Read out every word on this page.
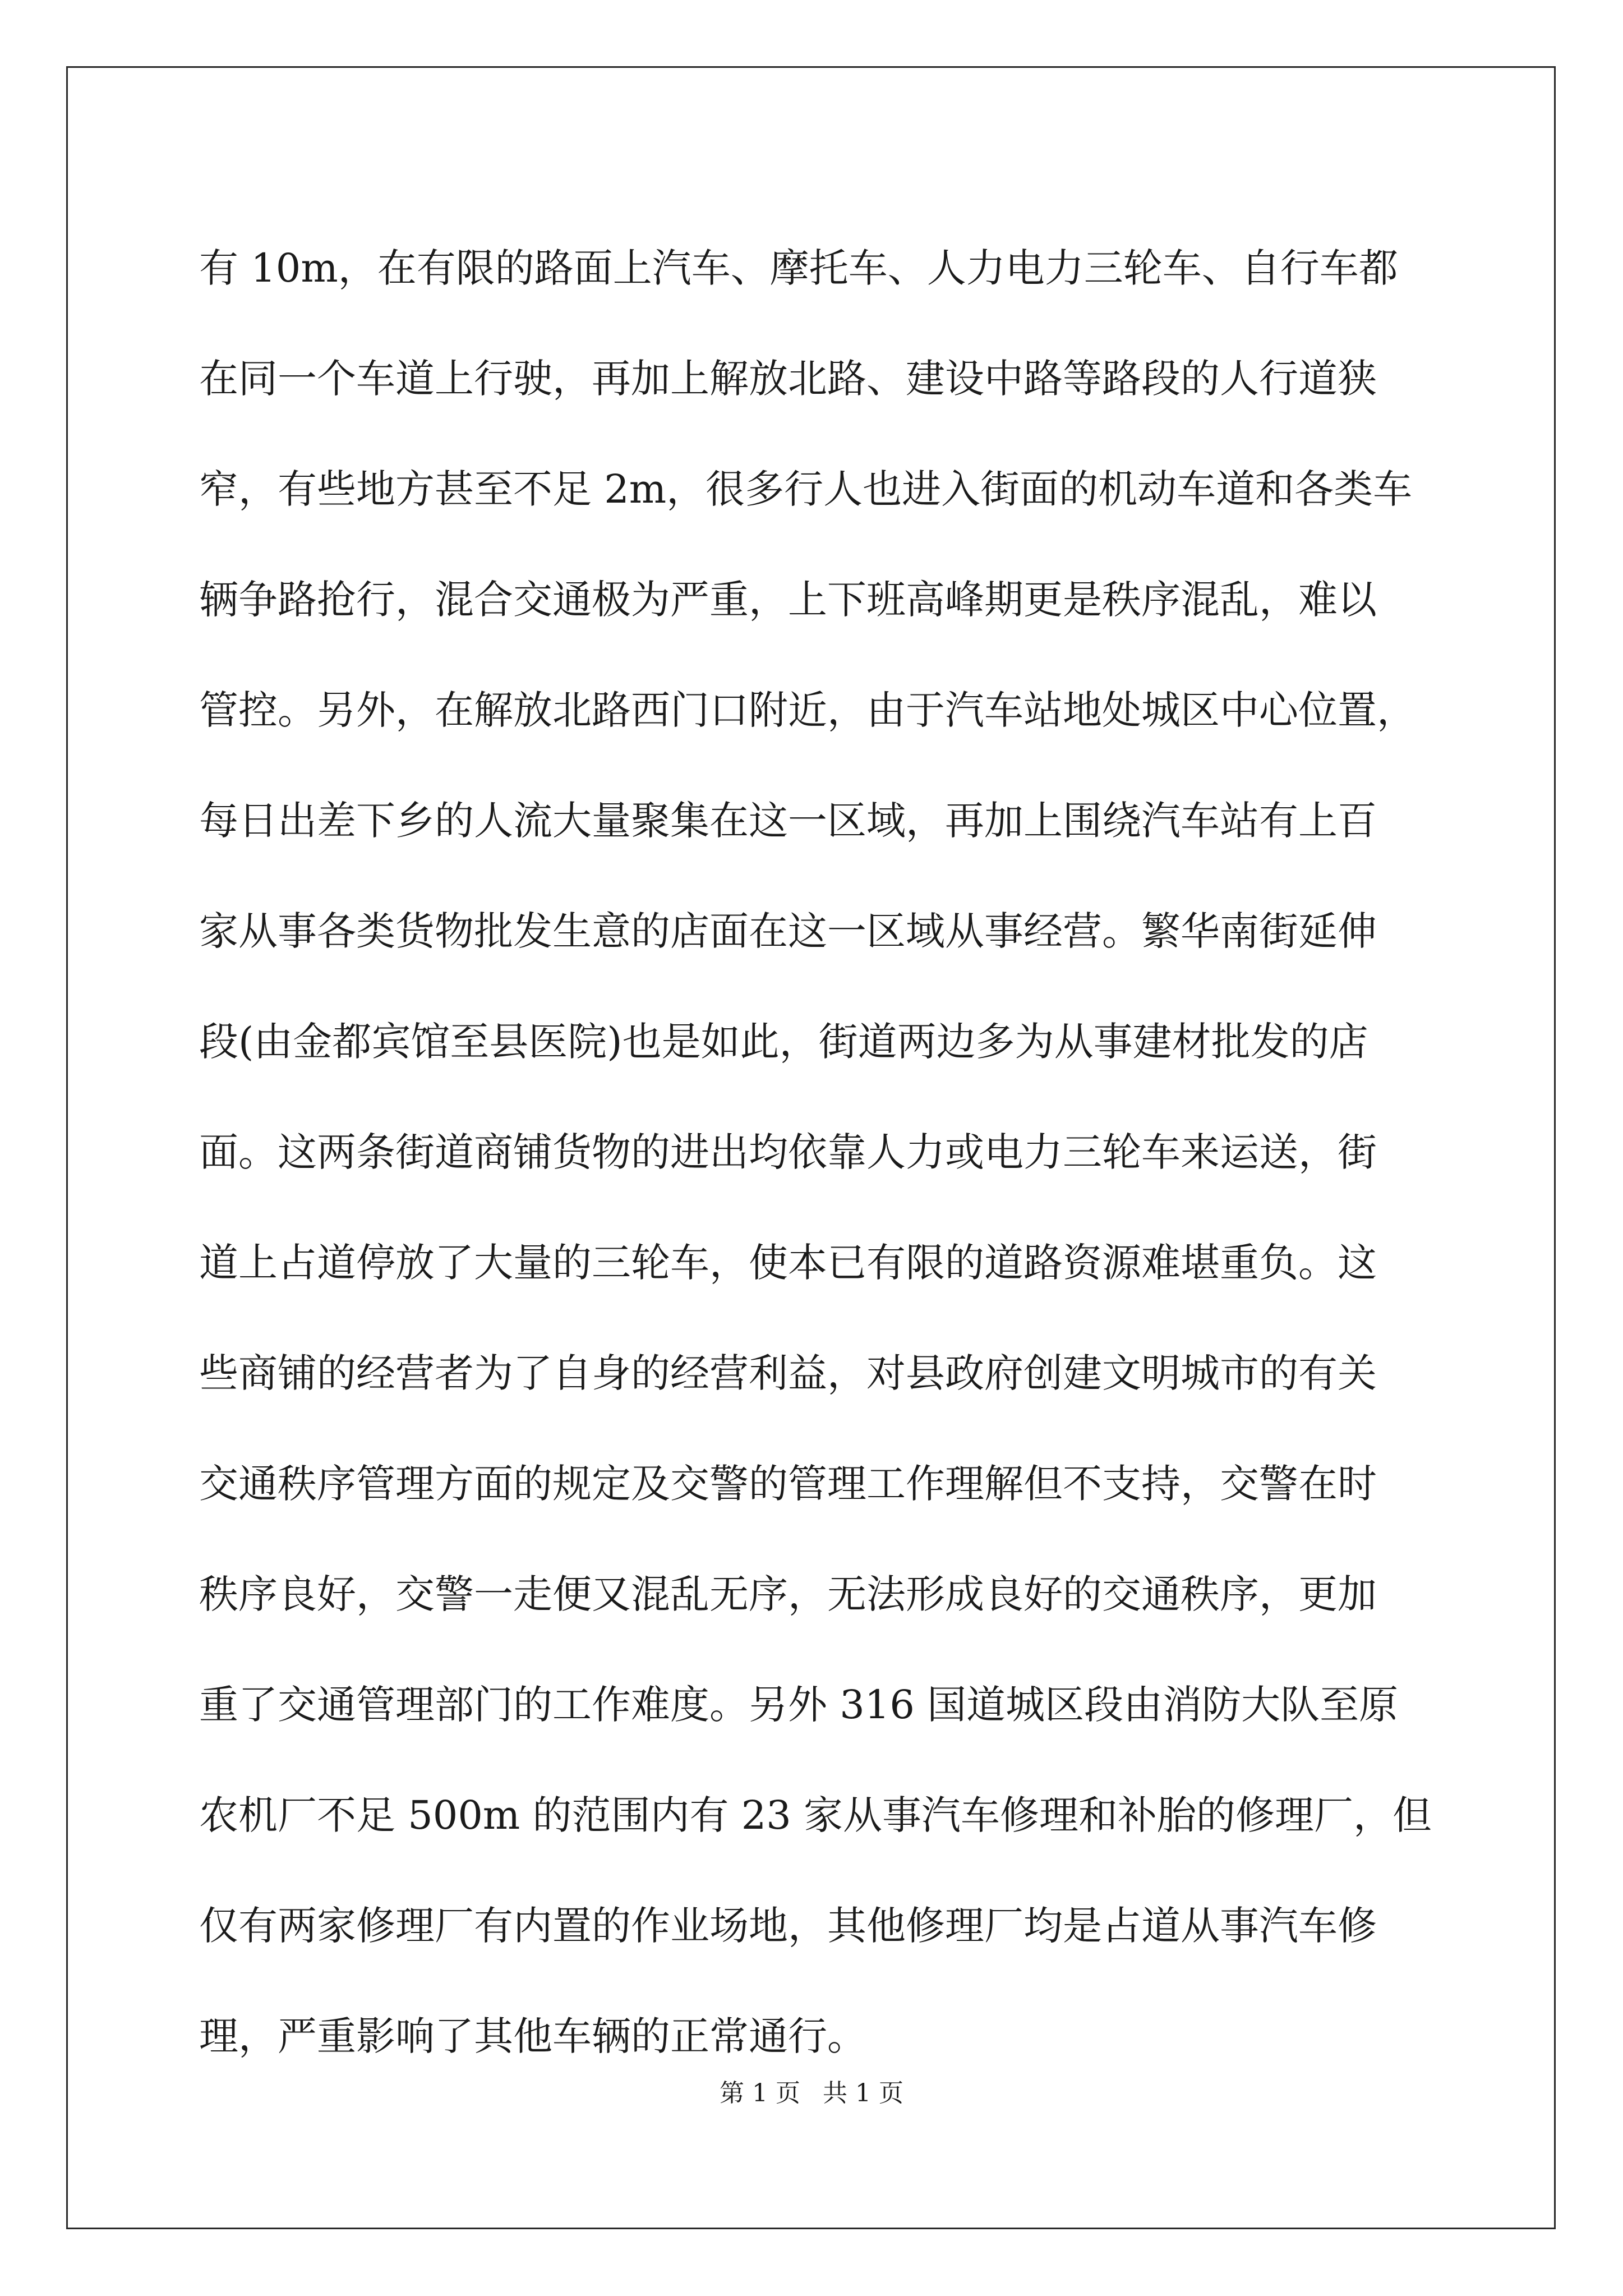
有 10m，在有限的路面上汽车、摩托车、人力电力三轮车、自行车都
在同一个车道上行驶，再加上解放北路、建设中路等路段的人行道狭
窄，有些地方甚至不足 2m，很多行人也进入街面的机动车道和各类车
辆争路抢行，混合交通极为严重，上下班高峰期更是秩序混乱，难以
管控。另外，在解放北路西门口附近，由于汽车站地处城区中心位置，
每日出差下乡的人流大量聚集在这一区域，再加上围绕汽车站有上百
家从事各类货物批发生意的店面在这一区域从事经营。繁华南街延伸
段(由金都宾馆至县医院)也是如此，街道两边多为从事建材批发的店
面。这两条街道商铺货物的进出均依靠人力或电力三轮车来运送，街
道上占道停放了大量的三轮车，使本已有限的道路资源难堪重负。这
些商铺的经营者为了自身的经营利益，对县政府创建文明城市的有关
交通秩序管理方面的规定及交警的管理工作理解但不支持，交警在时
秩序良好，交警一走便又混乱无序，无法形成良好的交通秩序，更加
重了交通管理部门的工作难度。另外 316 国道城区段由消防大队至原
农机厂不足 500m 的范围内有 23 家从事汽车修理和补胎的修理厂，但
仅有两家修理厂有内置的作业场地，其他修理厂均是占道从事汽车修
理，严重影响了其他车辆的正常通行。
第 1 页 共 1 页
